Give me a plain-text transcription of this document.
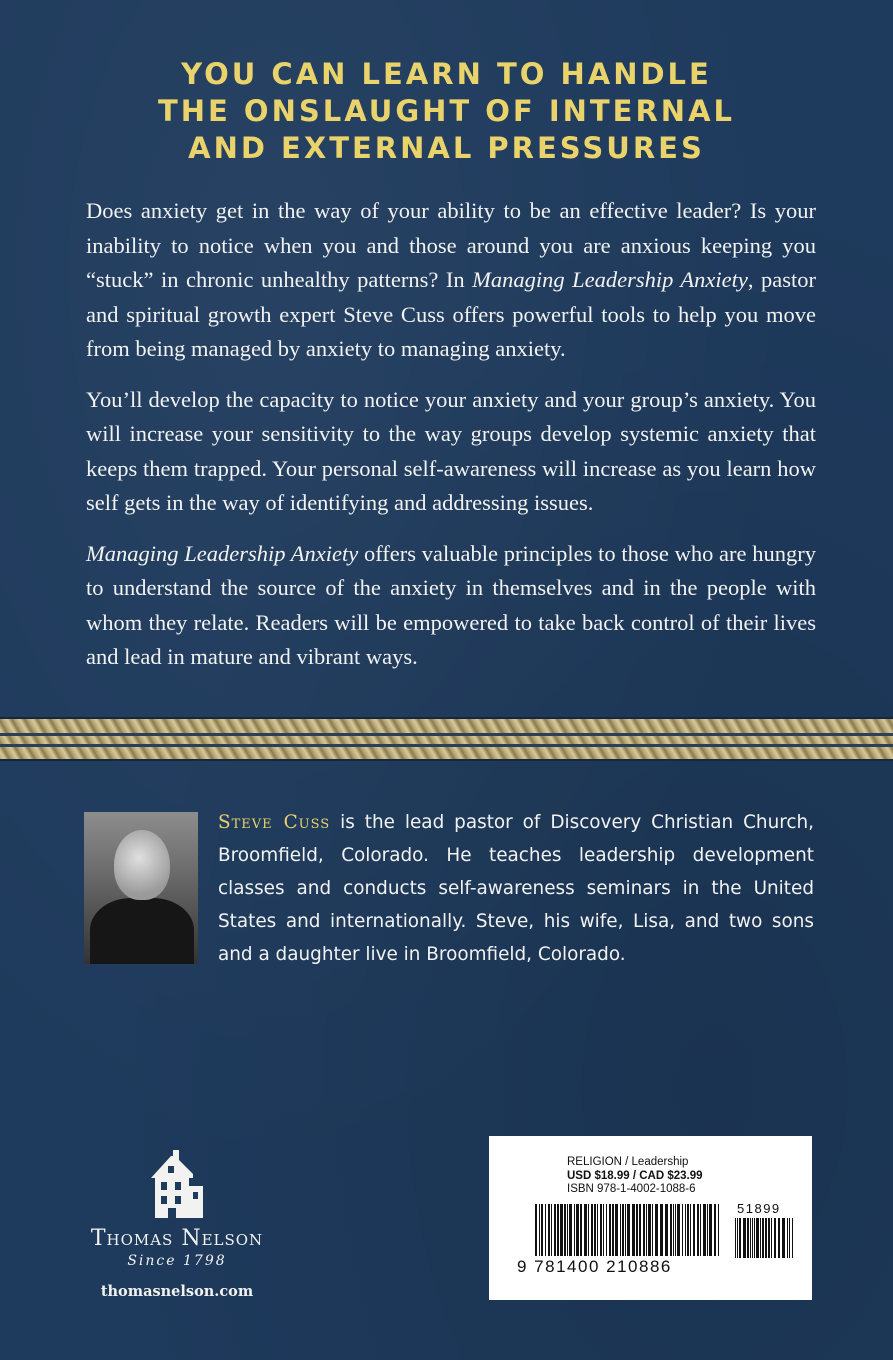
YOU CAN LEARN TO HANDLE
THE ONSLAUGHT OF INTERNAL
AND EXTERNAL PRESSURES

Does anxiety get in the way of your ability to be an effective leader? Is your inability to notice when you and those around you are anxious keeping you “stuck” in chronic unhealthy patterns? In Managing Leadership Anxiety, pastor and spiritual growth expert Steve Cuss offers powerful tools to help you move from being managed by anxiety to managing anxiety.

You’ll develop the capacity to notice your anxiety and your group’s anxiety. You will increase your sensitivity to the way groups develop systemic anxiety that keeps them trapped. Your personal self-awareness will increase as you learn how self gets in the way of identifying and addressing issues.

Managing Leadership Anxiety offers valuable principles to those who are hungry to understand the source of the anxiety in themselves and in the people with whom they relate. Readers will be empowered to take back control of their lives and lead in mature and vibrant ways.

Steve Cuss is the lead pastor of Discovery Christian Church, Broomfield, Colorado. He teaches leadership development classes and conducts self-awareness seminars in the United States and internationally. Steve, his wife, Lisa, and two sons and a daughter live in Broomfield, Colorado.
Thomas Nelson
Since 1798
thomasnelson.com
RELIGION / Leadership
USD $18.99 / CAD $23.99
ISBN 978-1-4002-1088-6
51899
9 781400 210886
